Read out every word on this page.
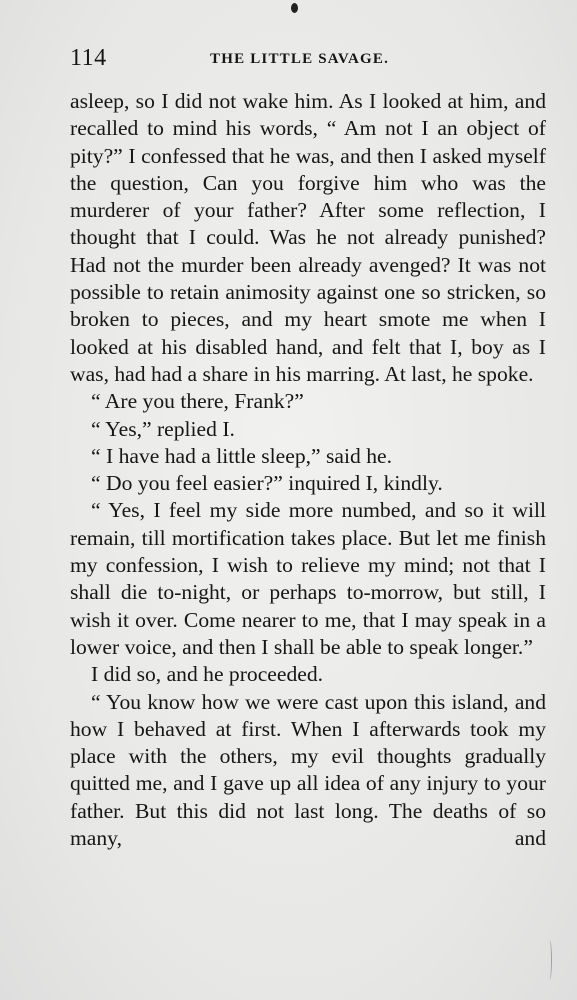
114	THE LITTLE SAVAGE.

asleep, so I did not wake him. As I looked at him, and recalled to mind his words, “ Am not I an object of pity?” I confessed that he was, and then I asked myself the question, Can you forgive him who was the murderer of your father? After some reflection, I thought that I could. Was he not already punished? Had not the murder been already avenged? It was not possible to retain animosity against one so stricken, so broken to pieces, and my heart smote me when I looked at his disabled hand, and felt that I, boy as I was, had had a share in his marring. At last, he spoke.

“ Are you there, Frank?”

“ Yes,” replied I.

“ I have had a little sleep,” said he.

“ Do you feel easier?” inquired I, kindly.

“ Yes, I feel my side more numbed, and so it will remain, till mortification takes place. But let me finish my confession, I wish to relieve my mind; not that I shall die to-night, or perhaps to-morrow, but still, I wish it over. Come nearer to me, that I may speak in a lower voice, and then I shall be able to speak longer.”

I did so, and he proceeded.

“ You know how we were cast upon this island, and how I behaved at first. When I afterwards took my place with the others, my evil thoughts gradually quitted me, and I gave up all idea of any injury to your father. But this did not last long. The deaths of so many, and
